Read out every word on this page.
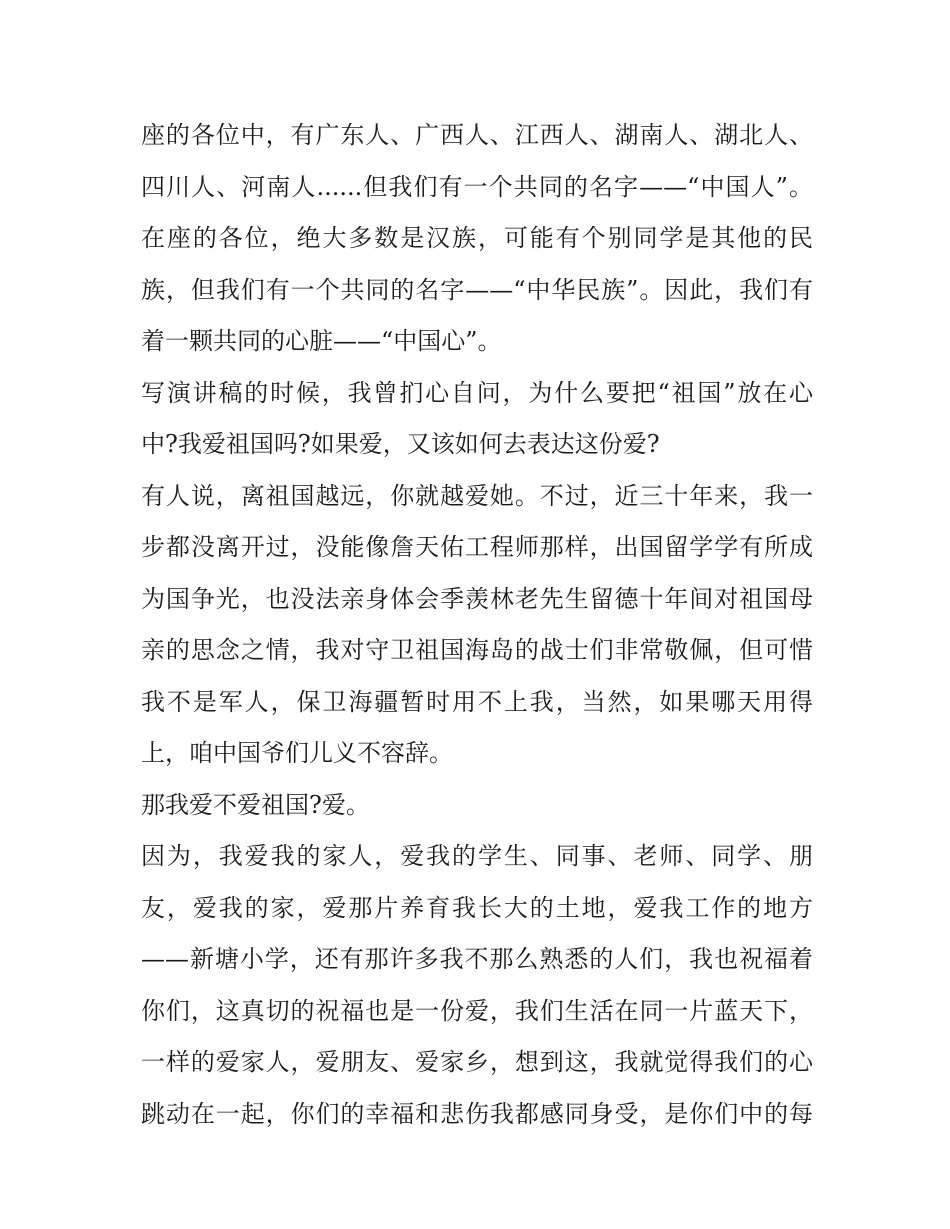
座的各位中，有广东人、广西人、江西人、湖南人、湖北人、
四川人、河南人......但我们有一个共同的名字——“中国人”。
在座的各位，绝大多数是汉族，可能有个别同学是其他的民
族，但我们有一个共同的名字——“中华民族”。因此，我们有
着一颗共同的心脏——“中国心”。
写演讲稿的时候，我曾扪心自问，为什么要把“祖国”放在心
中?我爱祖国吗?如果爱，又该如何去表达这份爱?
有人说，离祖国越远，你就越爱她。不过，近三十年来，我一
步都没离开过，没能像詹天佑工程师那样，出国留学学有所成
为国争光，也没法亲身体会季羡林老先生留德十年间对祖国母
亲的思念之情，我对守卫祖国海岛的战士们非常敬佩，但可惜
我不是军人，保卫海疆暂时用不上我，当然，如果哪天用得
上，咱中国爷们儿义不容辞。
那我爱不爱祖国?爱。
因为，我爱我的家人，爱我的学生、同事、老师、同学、朋
友，爱我的家，爱那片养育我长大的土地，爱我工作的地方
——新塘小学，还有那许多我不那么熟悉的人们，我也祝福着
你们，这真切的祝福也是一份爱，我们生活在同一片蓝天下，
一样的爱家人，爱朋友、爱家乡，想到这，我就觉得我们的心
跳动在一起，你们的幸福和悲伤我都感同身受，是你们中的每
